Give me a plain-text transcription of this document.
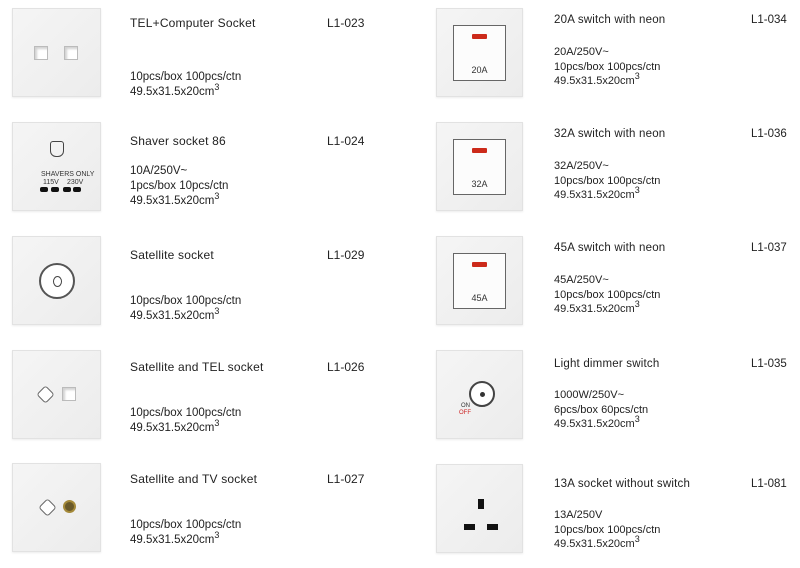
TEL+Computer Socket	L1-023
10pcs/box 100pcs/ctn
$49.5x31.5x20cm^3$
SHAVERS ONLY
115V 230V
Shaver socket 86	L1-024
10A/250V~
1pcs/box 10pcs/ctn
$49.5x31.5x20cm^3$
Satellite socket	L1-029
10pcs/box 100pcs/ctn
$49.5x31.5x20cm^3$
Satellite and TEL socket	L1-026
10pcs/box 100pcs/ctn
$49.5x31.5x20cm^3$
Satellite and TV socket	L1-027
10pcs/box 100pcs/ctn
$49.5x31.5x20cm^3$
20A
20A switch with neon	L1-034
20A/250V~
10pcs/box 100pcs/ctn
$49.5x31.5x20cm^3$
32A
32A switch with neon	L1-036
32A/250V~
10pcs/box 100pcs/ctn
$49.5x31.5x20cm^3$
45A
45A switch with neon	L1-037
45A/250V~
10pcs/box 100pcs/ctn
$49.5x31.5x20cm^3$
ON
OFF
Light dimmer switch	L1-035
1000W/250V~
6pcs/box 60pcs/ctn
$49.5x31.5x20cm^3$
13A socket without switch	L1-081
13A/250V
10pcs/box 100pcs/ctn
$49.5x31.5x20cm^3$
